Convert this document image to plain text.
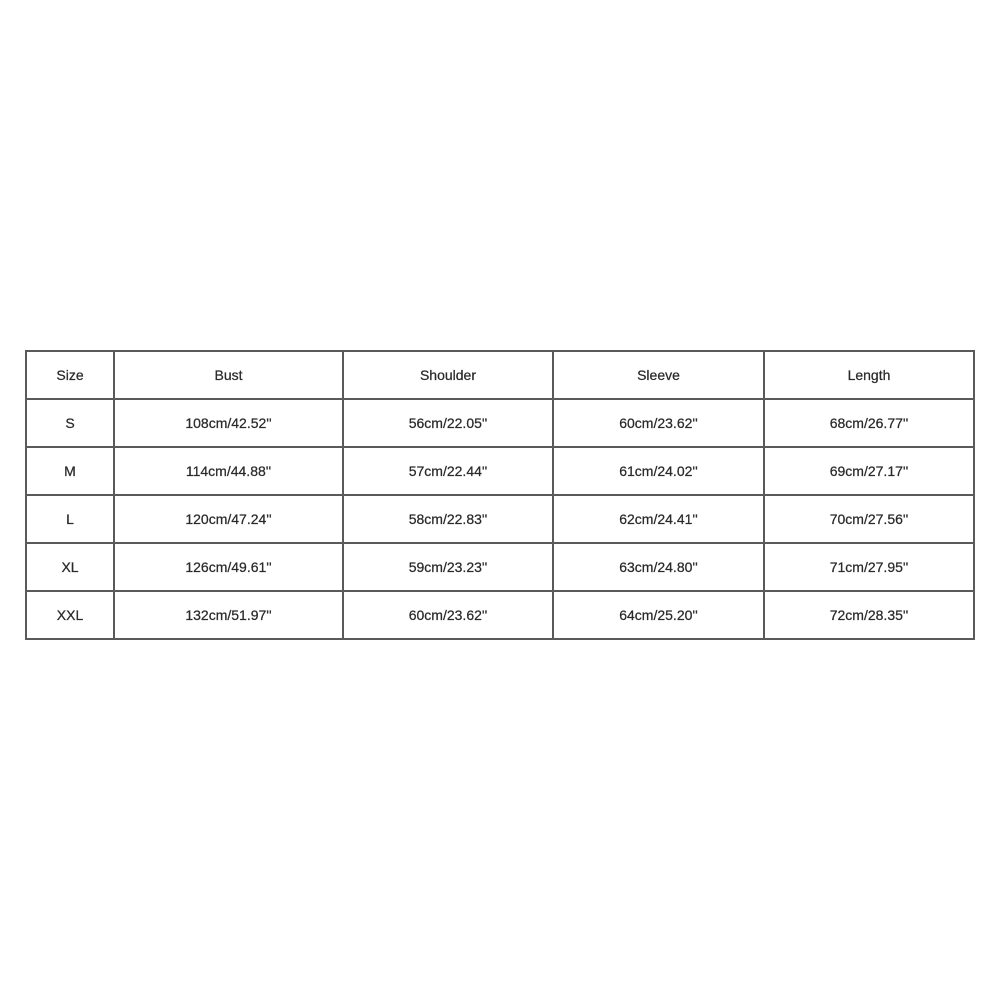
Size	Bust	Shoulder	Sleeve	Length
S	108cm/42.52''	56cm/22.05''	60cm/23.62''	68cm/26.77''
M	114cm/44.88''	57cm/22.44''	61cm/24.02''	69cm/27.17''
L	120cm/47.24''	58cm/22.83''	62cm/24.41''	70cm/27.56''
XL	126cm/49.61''	59cm/23.23''	63cm/24.80''	71cm/27.95''
XXL	132cm/51.97''	60cm/23.62''	64cm/25.20''	72cm/28.35''
